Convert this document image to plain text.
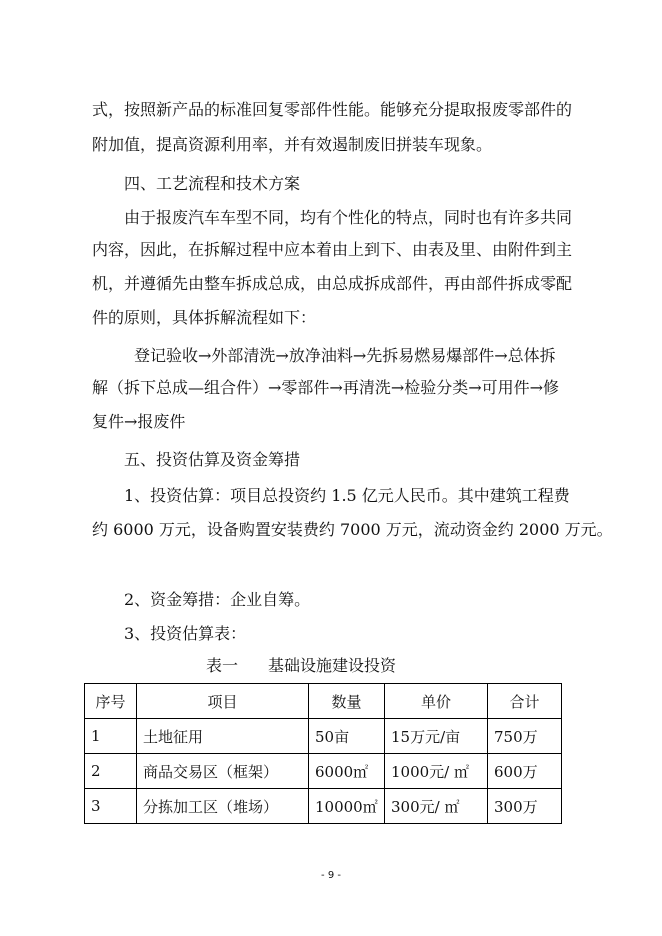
式，按照新产品的标准回复零部件性能。能够充分提取报废零部件的
附加值，提高资源利用率，并有效遏制废旧拼装车现象。
四、工艺流程和技术方案
由于报废汽车车型不同，均有个性化的特点，同时也有许多共同
内容，因此，在拆解过程中应本着由上到下、由表及里、由附件到主
机，并遵循先由整车拆成总成，由总成拆成部件，再由部件拆成零配
件的原则，具体拆解流程如下：
登记验收→外部清洗→放净油料→先拆易燃易爆部件→总体拆
解（拆下总成—组合件）→零部件→再清洗→检验分类→可用件→修
复件→报废件
五、投资估算及资金筹措
1、投资估算：项目总投资约 1.5 亿元人民币。其中建筑工程费
约 6000 万元，设备购置安装费约 7000 万元，流动资金约 2000 万元。
2、资金筹措：企业自筹。
3、投资估算表：
表一 基础设施建设投资
序号	项目	数量	单价	合计
1	土地征用	50亩	15万元/亩	750万
2	商品交易区（框架）	6000㎡	1000元/ ㎡	600万
3	分拣加工区（堆场）	10000㎡	300元/ ㎡	300万
- 9 -
